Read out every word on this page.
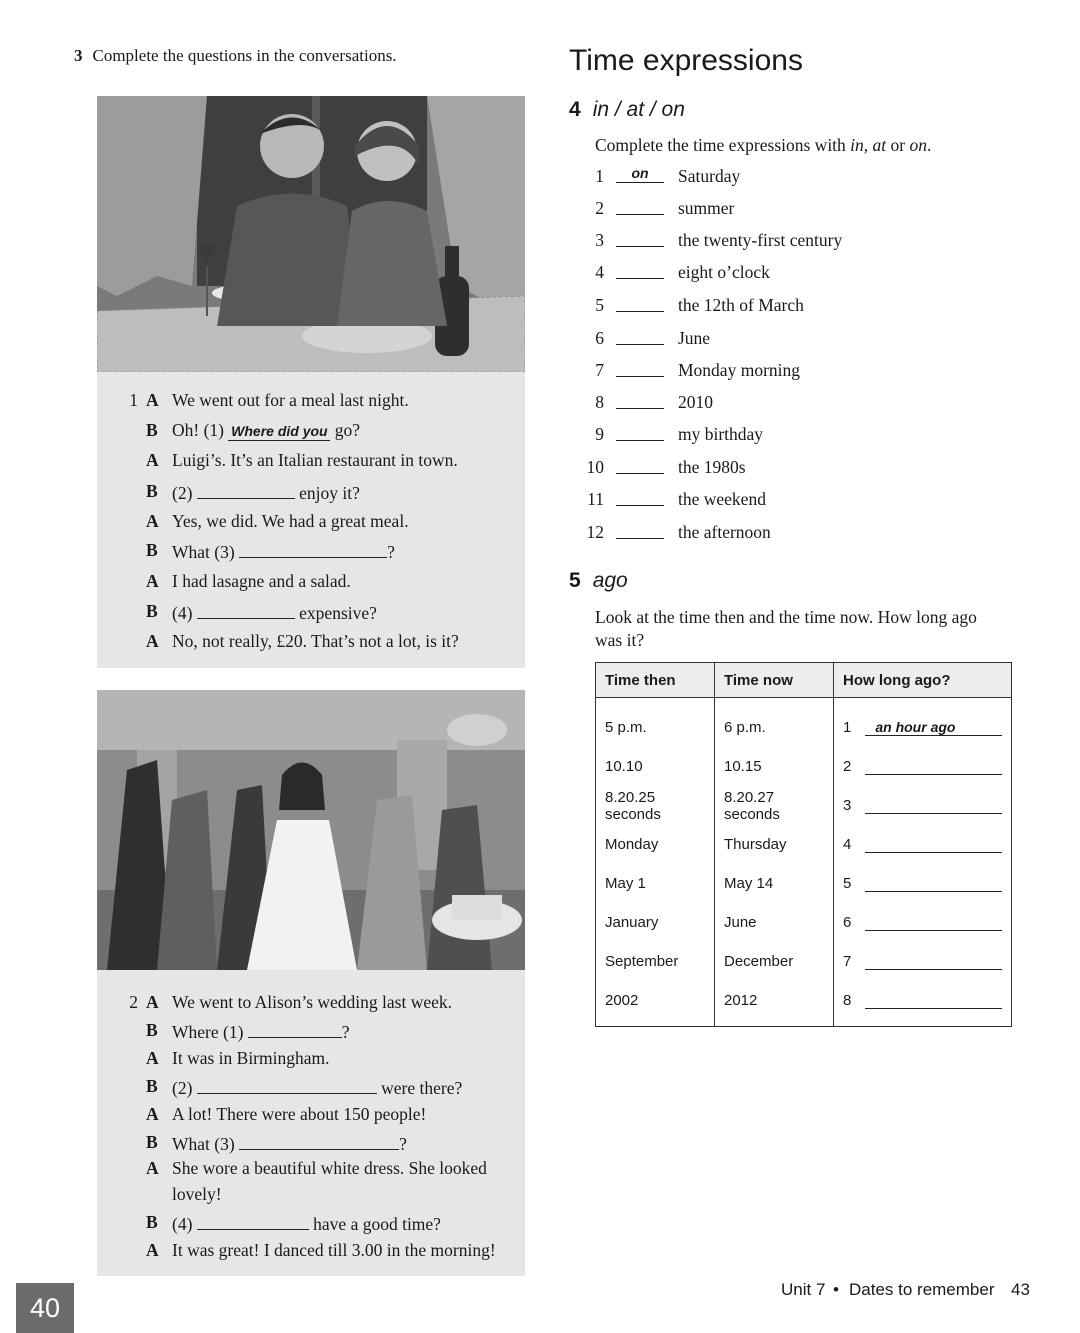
3 Complete the questions in the conversations.
1 A We went out for a meal last night.
B Oh! (1) Where did you go?
A Luigi’s. It’s an Italian restaurant in town.
B (2)	enjoy it?
A Yes, we did. We had a great meal.
B What (3)	?
A I had lasagne and a salad.
B (4)	expensive?
A No, not really, £20. That’s not a lot, is it?
2 A We went to Alison’s wedding last week.
B Where (1)	?
A It was in Birmingham.
B (2)	were there?
A A lot! There were about 150 people!
B What (3)	?
A She wore a beautiful white dress. She looked lovely!
B (4)	have a good time?
A It was great! I danced till 3.00 in the morning!
Time expressions
4 in / at / on
Complete the time expressions with in, at or on.
1	on	Saturday
2	summer
3	the twenty-first century
4	eight o’clock
5	the 12th of March
6	June
7	Monday morning
8	2010
9	my birthday
10	the 1980s
11	the weekend
12	the afternoon
5 ago
Look at the time then and the time now. How long ago was it?
Time then	Time now	How long ago?
5 p.m.	6 p.m.	1 an hour ago

10.10	10.15	2

8.20.25 seconds	8.20.27 seconds	3

Monday	Thursday	4

May 1	May 14	5

January	June	6

September	December	7

2002	2012	8
40
Unit 7 • Dates to remember 43
